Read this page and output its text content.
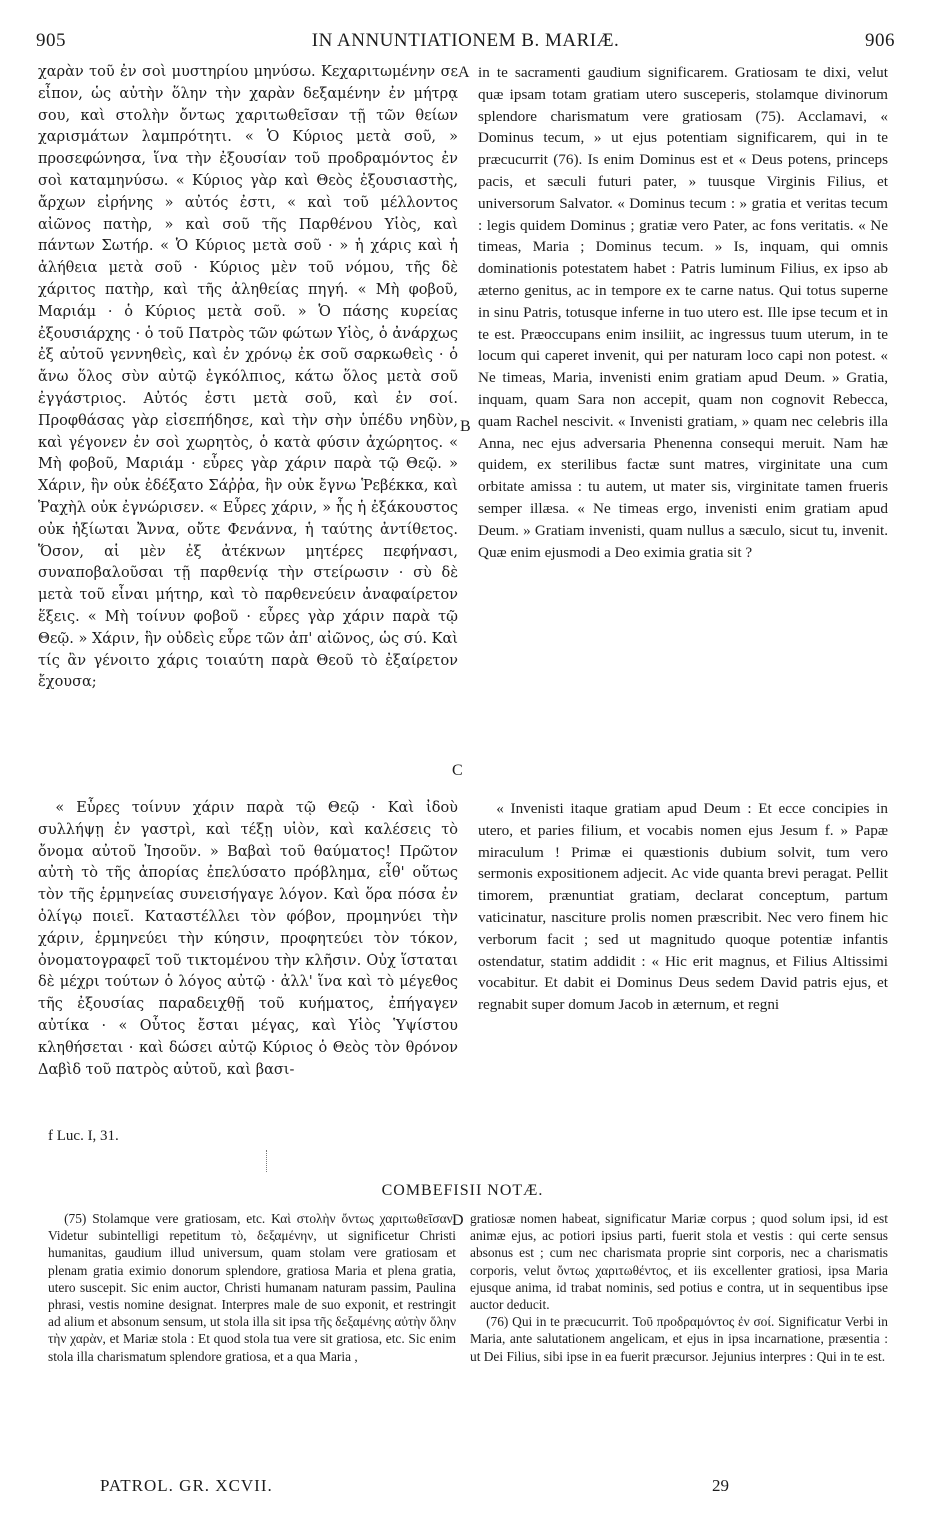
905	IN ANNUNTIATIONEM B. MARIÆ.	906
A
B
C
D

χαρὰν τοῦ ἐν σοὶ μυστηρίου μηνύσω. Κεχαριτωμένην σε εἶπον, ὡς αὐτὴν ὅλην τὴν χαρὰν δεξαμένην ἐν μήτρᾳ σου, καὶ στολὴν ὄντως χαριτωθεῖσαν τῇ τῶν θείων χαρισμάτων λαμπρότητι. « Ὁ Κύριος μετὰ σοῦ, » προσεφώνησα, ἵνα τὴν ἐξουσίαν τοῦ προδραμόντος ἐν σοὶ καταμηνύσω. « Κύριος γὰρ καὶ Θεὸς ἐξουσιαστὴς, ἄρχων εἰρήνης » αὐτός ἐστι, « καὶ τοῦ μέλλοντος αἰῶνος πατὴρ, » καὶ σοῦ τῆς Παρθένου Υἱὸς, καὶ πάντων Σωτήρ. « Ὁ Κύριος μετὰ σοῦ · » ἡ χάρις καὶ ἡ ἀλήθεια μετὰ σοῦ · Κύριος μὲν τοῦ νόμου, τῆς δὲ χάριτος πατὴρ, καὶ τῆς ἀληθείας πηγή. « Μὴ φοβοῦ, Μαριάμ · ὁ Κύριος μετὰ σοῦ. » Ὁ πάσης κυρείας ἐξουσιάρχης · ὁ τοῦ Πατρὸς τῶν φώτων Υἱὸς, ὁ ἀνάρχως ἐξ αὐτοῦ γεννηθεὶς, καὶ ἐν χρόνῳ ἐκ σοῦ σαρκωθεὶς · ὁ ἄνω ὅλος σὺν αὐτῷ ἐγκόλπιος, κάτω ὅλος μετὰ σοῦ ἐγγάστριος. Αὐτός ἐστι μετὰ σοῦ, καὶ ἐν σοί. Προφθάσας γὰρ εἰσεπήδησε, καὶ τὴν σὴν ὑπέδυ νηδὺν, καὶ γέγονεν ἐν σοὶ χωρητὸς, ὁ κατὰ φύσιν ἀχώρητος. « Μὴ φοβοῦ, Μαριάμ · εὗρες γὰρ χάριν παρὰ τῷ Θεῷ. » Χάριν, ἣν οὐκ ἐδέξατο Σάῤῥα, ἣν οὐκ ἔγνω Ῥεβέκκα, καὶ Ῥαχὴλ οὐκ ἐγνώρισεν. « Εὗρες χάριν, » ἧς ἡ ἐξάκουστος οὐκ ἠξίωται Ἄννα, οὔτε Φενάννα, ἡ ταύτης ἀντίθετος. Ὅσον, αἱ μὲν ἐξ ἀτέκνων μητέρες πεφήνασι, συναποβαλοῦσαι τῇ παρθενίᾳ τὴν στείρωσιν · σὺ δὲ μετὰ τοῦ εἶναι μήτηρ, καὶ τὸ παρθενεύειν ἀναφαίρετον ἕξεις. « Μὴ τοίνυν φοβοῦ · εὗρες γὰρ χάριν παρὰ τῷ Θεῷ. » Χάριν, ἣν οὐδεὶς εὗρε τῶν ἀπ' αἰῶνος, ὡς σύ. Καὶ τίς ἂν γένοιτο χάρις τοιαύτη παρὰ Θεοῦ τὸ ἐξαίρετον ἔχουσα;

in te sacramenti gaudium significarem. Gratiosam te dixi, velut quæ ipsam totam gratiam utero susceperis, stolamque divinorum splendore charismatum vere gratiosam (75). Acclamavi, « Dominus tecum, » ut ejus potentiam significarem, qui in te præcucurrit (76). Is enim Dominus est et « Deus potens, princeps pacis, et sæculi futuri pater, » tuusque Virginis Filius, et universorum Salvator. « Dominus tecum : » gratia et veritas tecum : legis quidem Dominus ; gratiæ vero Pater, ac fons veritatis. « Ne timeas, Maria ; Dominus tecum. » Is, inquam, qui omnis dominationis potestatem habet : Patris luminum Filius, ex ipso ab æterno genitus, ac in tempore ex te carne natus. Qui totus superne in sinu Patris, totusque inferne in tuo utero est. Ille ipse tecum et in te est. Præoccupans enim insiliit, ac ingressus tuum uterum, in te locum qui caperet invenit, qui per naturam loco capi non potest. « Ne timeas, Maria, invenisti enim gratiam apud Deum. » Gratia, inquam, quam Sara non accepit, quam non cognovit Rebecca, quam Rachel nescivit. « Invenisti gratiam, » quam nec celebris illa Anna, nec ejus adversaria Phenenna consequi meruit. Nam hæ quidem, ex sterilibus factæ sunt matres, virginitate una cum orbitate amissa : tu autem, ut mater sis, virginitate tamen frueris semper illæsa. « Ne timeas ergo, invenisti enim gratiam apud Deum. » Gratiam invenisti, quam nullus a sæculo, sicut tu, invenit. Quæ enim ejusmodi a Deo eximia gratia sit ?

« Εὗρες τοίνυν χάριν παρὰ τῷ Θεῷ · Καὶ ἰδοὺ συλλήψῃ ἐν γαστρὶ, καὶ τέξῃ υἱὸν, καὶ καλέσεις τὸ ὄνομα αὐτοῦ Ἰησοῦν. » Βαβαὶ τοῦ θαύματος! Πρῶτον αὐτὴ τὸ τῆς ἀπορίας ἐπελύσατο πρόβλημα, εἶθ' οὕτως τὸν τῆς ἑρμηνείας συνεισήγαγε λόγον. Καὶ ὅρα πόσα ἐν ὀλίγῳ ποιεῖ. Καταστέλλει τὸν φόβον, προμηνύει τὴν χάριν, ἑρμηνεύει τὴν κύησιν, προφητεύει τὸν τόκον, ὀνοματογραφεῖ τοῦ τικτομένου τὴν κλῆσιν. Οὐχ ἵσταται δὲ μέχρι τούτων ὁ λόγος αὐτῷ · ἀλλ' ἵνα καὶ τὸ μέγεθος τῆς ἐξουσίας παραδειχθῇ τοῦ κυήματος, ἐπήγαγεν αὐτίκα · « Οὗτος ἔσται μέγας, καὶ Υἱὸς Ὑψίστου κληθήσεται · καὶ δώσει αὐτῷ Κύριος ὁ Θεὸς τὸν θρόνον Δαβὶδ τοῦ πατρὸς αὐτοῦ, καὶ βασι-

« Invenisti itaque gratiam apud Deum : Et ecce concipies in utero, et paries filium, et vocabis nomen ejus Jesum f. » Papæ miraculum ! Primæ ei quæstionis dubium solvit, tum vero sermonis expositionem adjecit. Ac vide quanta brevi peragat. Pellit timorem, prænuntiat gratiam, declarat conceptum, partum vaticinatur, nasciture prolis nomen præscribit. Nec vero finem hic verborum facit ; sed ut magnitudo quoque potentiæ infantis ostendatur, statim addidit : « Hic erit magnus, et Filius Altissimi vocabitur. Et dabit ei Dominus Deus sedem David patris ejus, et regnabit super domum Jacob in æternum, et regni

f Luc. I, 31.
COMBEFISII NOTÆ.

(75) Stolamque vere gratiosam, etc. Καὶ στολὴν ὄντως χαριτωθεῖσαν. Videtur subintelligi repetitum τὸ, δεξαμένην, ut significetur Christi humanitas, gaudium illud universum, quam stolam vere gratiosam et plenam gratia eximio donorum splendore, gratiosa Maria et plena gratia, utero suscepit. Sic enim auctor, Christi humanam naturam passim, Paulina phrasi, vestis nomine designat. Interpres male de suo exponit, et restringit ad alium et absonum sensum, ut stola illa sit ipsa τῆς δεξαμένης αὐτὴν ὅλην τὴν χαρὰν, et Mariæ stola : Et quod stola tua vere sit gratiosa, etc. Sic enim stola illa charismatum splendore gratiosa, et a qua Maria ,

gratiosæ nomen habeat, significatur Mariæ corpus ; quod solum ipsi, id est animæ ejus, ac potiori ipsius parti, fuerit stola et vestis : qui certe sensus absonus est ; cum nec charismata proprie sint corporis, nec a charismatis corporis, velut ὄντως χαριτωθέντος, et iis excellenter gratiosi, ipsa Maria ejusque anima, id trabat nominis, sed potius e contra, ut in sequentibus ipse auctor deducit.

(76) Qui in te præcucurrit. Τοῦ προδραμόντος ἐν σοί. Significatur Verbi in Maria, ante salutationem angelicam, et ejus in ipsa incarnatione, præsentia : ut Dei Filius, sibi ipse in ea fuerit præcursor. Jejunius interpres : Qui in te est.

PATROL. GR. XCVII.	29
